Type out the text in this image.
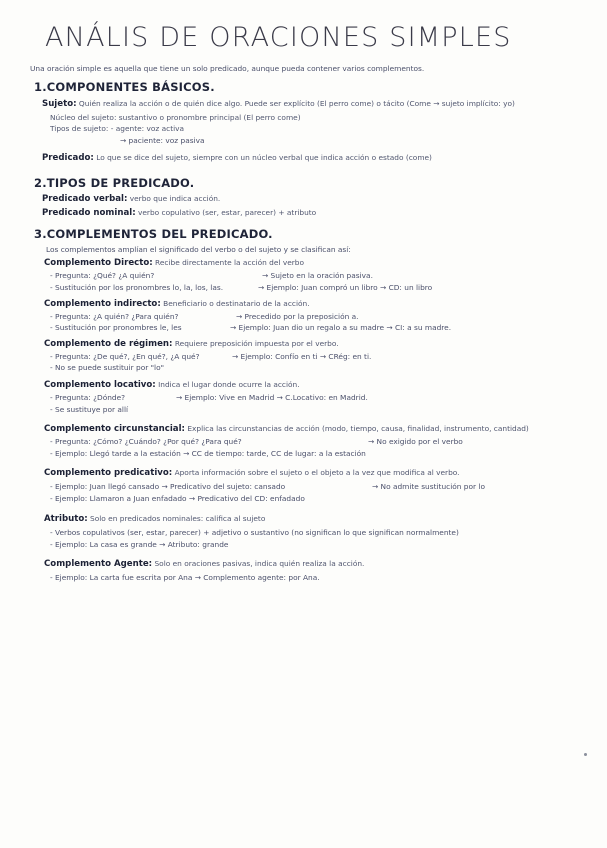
ANÁLIS DE ORACIONES SIMPLES
Una oración simple es aquella que tiene un solo predicado, aunque pueda contener varios complementos.
1.COMPONENTES BÁSICOS.
Sujeto: Quién realiza la acción o de quién dice algo. Puede ser explícito (El perro come) o tácito (Come → sujeto implícito: yo)
Núcleo del sujeto: sustantivo o pronombre principal (El perro come)
Tipos de sujeto: - agente: voz activa
→ paciente: voz pasiva
Predicado: Lo que se dice del sujeto, siempre con un núcleo verbal que indica acción o estado (come)
2.TIPOS DE PREDICADO.
Predicado verbal: verbo que indica acción.
Predicado nominal: verbo copulativo (ser, estar, parecer) + atributo
3.COMPLEMENTOS DEL PREDICADO.
Los complementos amplían el significado del verbo o del sujeto y se clasifican así:
Complemento Directo: Recibe directamente la acción del verbo
- Pregunta: ¿Qué? ¿A quién?	→ Sujeto en la oración pasiva.
- Sustitución por los pronombres lo, la, los, las.	→ Ejemplo: Juan compró un libro → CD: un libro
Complemento indirecto: Beneficiario o destinatario de la acción.
- Pregunta: ¿A quién? ¿Para quién?	→ Precedido por la preposición a.
- Sustitución por pronombres le, les	→ Ejemplo: Juan dio un regalo a su madre → CI: a su madre.
Complemento de régimen: Requiere preposición impuesta por el verbo.
- Pregunta: ¿De qué?, ¿En qué?, ¿A qué?	→ Ejemplo: Confío en ti → CRég: en ti.
- No se puede sustituir por "lo"
Complemento locativo: Indica el lugar donde ocurre la acción.
- Pregunta: ¿Dónde?	→ Ejemplo: Vive en Madrid → C.Locativo: en Madrid.
- Se sustituye por allí
Complemento circunstancial: Explica las circunstancias de acción (modo, tiempo, causa, finalidad, instrumento, cantidad)
- Pregunta: ¿Cómo? ¿Cuándo? ¿Por qué? ¿Para qué?	→ No exigido por el verbo
- Ejemplo: Llegó tarde a la estación → CC de tiempo: tarde, CC de lugar: a la estación
Complemento predicativo: Aporta información sobre el sujeto o el objeto a la vez que modifica al verbo.
- Ejemplo: Juan llegó cansado → Predicativo del sujeto: cansado	→ No admite sustitución por lo
- Ejemplo: Llamaron a Juan enfadado → Predicativo del CD: enfadado
Atributo: Solo en predicados nominales: califica al sujeto
- Verbos copulativos (ser, estar, parecer) + adjetivo o sustantivo (no significan lo que significan normalmente)
- Ejemplo: La casa es grande → Atributo: grande
Complemento Agente: Solo en oraciones pasivas, indica quién realiza la acción.
- Ejemplo: La carta fue escrita por Ana → Complemento agente: por Ana.
